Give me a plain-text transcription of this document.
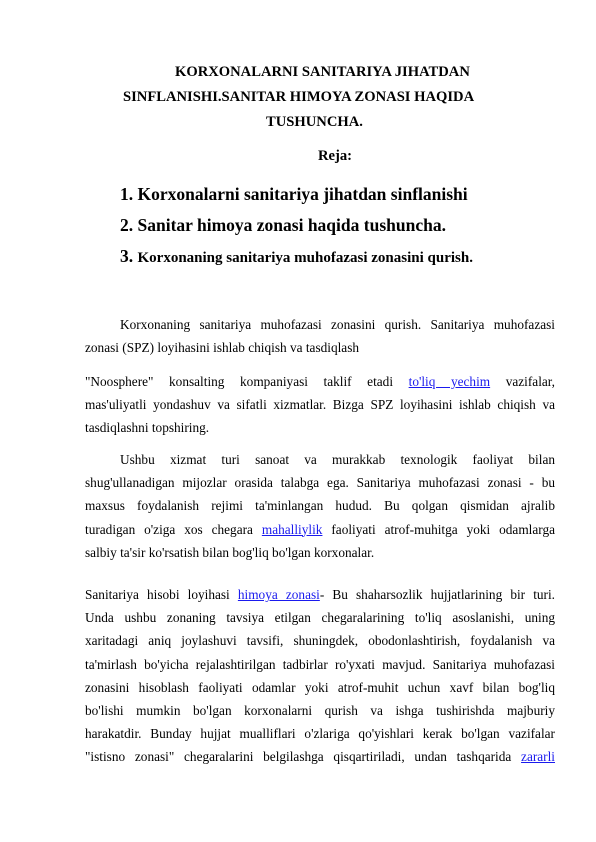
KORXONALARNI SANITARIYA JIHATDAN
SINFLANISHI.SANITAR HIMOYA ZONASI HAQIDA
TUSHUNCHA.
Reja:
1. Korxonalarni sanitariya jihatdan sinflanishi
2. Sanitar himoya zonasi haqida tushuncha.
3. Korxonaning sanitariya muhofazasi zonasini qurish.
Korxonaning sanitariya muhofazasi zonasini qurish. Sanitariya muhofazasi
zonasi (SPZ) loyihasini ishlab chiqish va tasdiqlash
"Noosphere" konsalting kompaniyasi taklif etadi to'liq yechim vazifalar,
mas'uliyatli yondashuv va sifatli xizmatlar. Bizga SPZ loyihasini ishlab chiqish va
tasdiqlashni topshiring.
Ushbu xizmat turi sanoat va murakkab texnologik faoliyat bilan
shug'ullanadigan mijozlar orasida talabga ega. Sanitariya muhofazasi zonasi - bu
maxsus foydalanish rejimi ta'minlangan hudud. Bu qolgan qismidan ajralib
turadigan o'ziga xos chegara mahalliylik faoliyati atrof-muhitga yoki odamlarga
salbiy ta'sir ko'rsatish bilan bog'liq bo'lgan korxonalar.
Sanitariya hisobi loyihasi himoya zonasi- Bu shaharsozlik hujjatlarining bir turi.
Unda ushbu zonaning tavsiya etilgan chegaralarining to'liq asoslanishi, uning
xaritadagi aniq joylashuvi tavsifi, shuningdek, obodonlashtirish, foydalanish va
ta'mirlash bo'yicha rejalashtirilgan tadbirlar ro'yxati mavjud. Sanitariya muhofazasi
zonasini hisoblash faoliyati odamlar yoki atrof-muhit uchun xavf bilan bog'liq
bo'lishi mumkin bo'lgan korxonalarni qurish va ishga tushirishda majburiy
harakatdir. Bunday hujjat mualliflari o'zlariga qo'yishlari kerak bo'lgan vazifalar
"istisno zonasi" chegaralarini belgilashga qisqartiriladi, undan tashqarida zararli
